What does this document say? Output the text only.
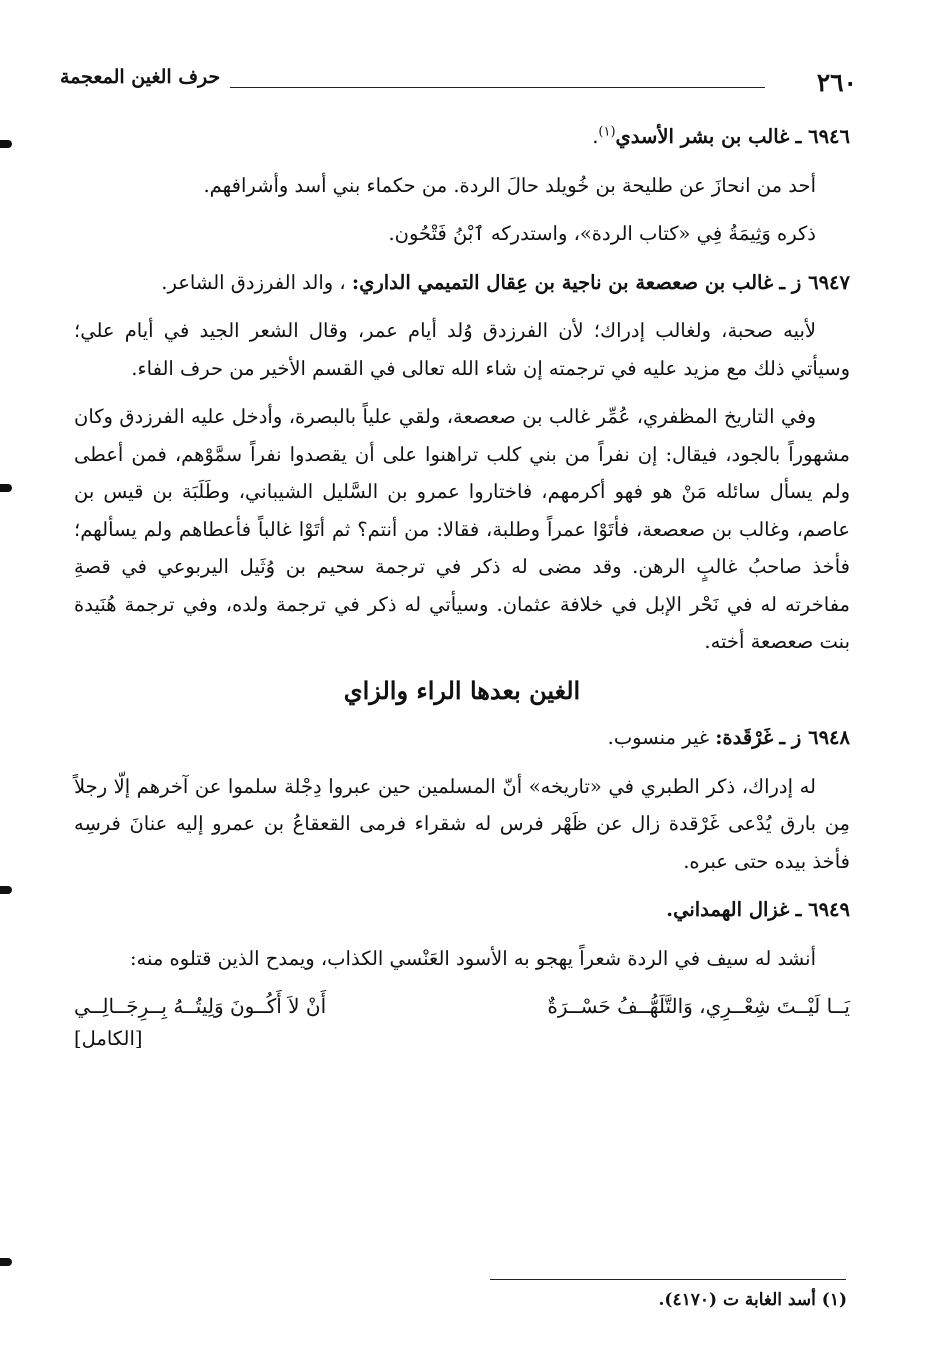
٢٦٠
حرف الغين المعجمة

٦٩٤٦ ـ غالب بن بشر الأسدي$^{(١)}$.

أحد من انحازَ عن طليحة بن خُويلد حالَ الردة. من حكماء بني أسد وأشرافهم.

ذكره وَثِيمَةُ فِي «كتاب الردة»، واستدركه ٱبْنُ فَتْحُون.

٦٩٤٧ ز ـ غالب بن صعصعة بن ناجية بن عِقال التميمي الداري: ، والد الفرزدق الشاعر.

لأبيه صحبة، ولغالب إدراك؛ لأن الفرزدق وُلد أيام عمر، وقال الشعر الجيد في أيام علي؛ وسيأتي ذلك مع مزيد عليه في ترجمته إن شاء الله تعالى في القسم الأخير من حرف الفاء.

وفي التاريخ المظفري، عُمِّر غالب بن صعصعة، ولقي علياً بالبصرة، وأدخل عليه الفرزدق وكان مشهوراً بالجود، فيقال: إن نفراً من بني كلب تراهنوا على أن يقصدوا نفراً سمَّوْهم، فمن أعطى ولم يسأل سائله مَنْ هو فهو أكرمهم، فاختاروا عمرو بن السَّليل الشيباني، وطَلَبَة بن قيس بن عاصم، وغالب بن صعصعة، فأتَوْا عمراً وطلبة، فقالا: من أنتم؟ ثم أتَوْا غالباً فأعطاهم ولم يسألهم؛ فأخذ صاحبُ غالبٍ الرهن. وقد مضى له ذكر في ترجمة سحيم بن وُثَيل اليربوعي في قصةِ مفاخرته له في نَحْر الإبل في خلافة عثمان. وسيأتي له ذكر في ترجمة ولده، وفي ترجمة هُنَيدة بنت صعصعة أخته.

الغين بعدها الراء والزاي

٦٩٤٨ ز ـ غَرْقَدة: غير منسوب.

له إدراك، ذكر الطبري في «تاريخه» أنّ المسلمين حين عبروا دِجْلة سلموا عن آخرهم إلّا رجلاً مِن بارق يُدْعى غَرْقدة زال عن ظَهْر فرس له شقراء فرمى القعقاعُ بن عمرو إليه عنانَ فرسِه فأخذ بيده حتى عبره.

٦٩٤٩ ـ غزال الهمداني.

أنشد له سيف في الردة شعراً يهجو به الأسود العَنْسي الكذاب، ويمدح الذين قتلوه منه:

يَــا لَيْــتَ شِعْــرِي، وَالتَّلَهُّــفُ حَسْــرَةٌ
أَنْ لاَ أَكُــونَ وَلِيتُــهُ بِــرِجَــالِــي
[الكامل]
(١) أسد الغابة ت (٤١٧٠).
